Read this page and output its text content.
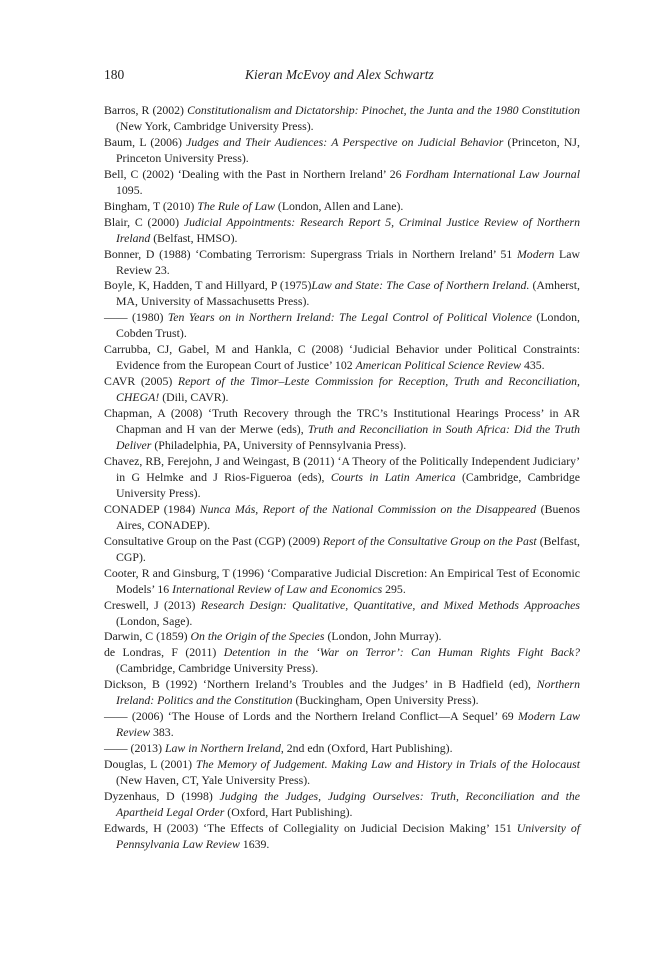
180	Kieran McEvoy and Alex Schwartz
Barros, R (2002) Constitutionalism and Dictatorship: Pinochet, the Junta and the 1980 Constitution (New York, Cambridge University Press).
Baum, L (2006) Judges and Their Audiences: A Perspective on Judicial Behavior (Princeton, NJ, Princeton University Press).
Bell, C (2002) ‘Dealing with the Past in Northern Ireland’ 26 Fordham International Law Journal 1095.
Bingham, T (2010) The Rule of Law (London, Allen and Lane).
Blair, C (2000) Judicial Appointments: Research Report 5, Criminal Justice Review of Northern Ireland (Belfast, HMSO).
Bonner, D (1988) ‘Combating Terrorism: Supergrass Trials in Northern Ireland’ 51 Modern Law Review 23.
Boyle, K, Hadden, T and Hillyard, P (1975)Law and State: The Case of Northern Ireland. (Amherst, MA, University of Massachusetts Press).
—— (1980) Ten Years on in Northern Ireland: The Legal Control of Political Violence (London, Cobden Trust).
Carrubba, CJ, Gabel, M and Hankla, C (2008) ‘Judicial Behavior under Political Constraints: Evidence from the European Court of Justice’ 102 American Political Science Review 435.
CAVR (2005) Report of the Timor–Leste Commission for Reception, Truth and Reconciliation, CHEGA! (Dili, CAVR).
Chapman, A (2008) ‘Truth Recovery through the TRC’s Institutional Hearings Process’ in AR Chapman and H van der Merwe (eds), Truth and Reconciliation in South Africa: Did the Truth Deliver (Philadelphia, PA, University of Pennsylvania Press).
Chavez, RB, Ferejohn, J and Weingast, B (2011) ‘A Theory of the Politically Independent Judiciary’ in G Helmke and J Rios-Figueroa (eds), Courts in Latin America (Cambridge, Cambridge University Press).
CONADEP (1984) Nunca Más, Report of the National Commission on the Disappeared (Buenos Aires, CONADEP).
Consultative Group on the Past (CGP) (2009) Report of the Consultative Group on the Past (Belfast, CGP).
Cooter, R and Ginsburg, T (1996) ‘Comparative Judicial Discretion: An Empirical Test of Economic Models’ 16 International Review of Law and Economics 295.
Creswell, J (2013) Research Design: Qualitative, Quantitative, and Mixed Methods Approaches (London, Sage).
Darwin, C (1859) On the Origin of the Species (London, John Murray).
de Londras, F (2011) Detention in the ‘War on Terror’: Can Human Rights Fight Back? (Cambridge, Cambridge University Press).
Dickson, B (1992) ‘Northern Ireland’s Troubles and the Judges’ in B Hadfield (ed), Northern Ireland: Politics and the Constitution (Buckingham, Open University Press).
—— (2006) ‘The House of Lords and the Northern Ireland Conflict—A Sequel’ 69 Modern Law Review 383.
—— (2013) Law in Northern Ireland, 2nd edn (Oxford, Hart Publishing).
Douglas, L (2001) The Memory of Judgement. Making Law and History in Trials of the Holocaust (New Haven, CT, Yale University Press).
Dyzenhaus, D (1998) Judging the Judges, Judging Ourselves: Truth, Reconciliation and the Apartheid Legal Order (Oxford, Hart Publishing).
Edwards, H (2003) ‘The Effects of Collegiality on Judicial Decision Making’ 151 University of Pennsylvania Law Review 1639.
